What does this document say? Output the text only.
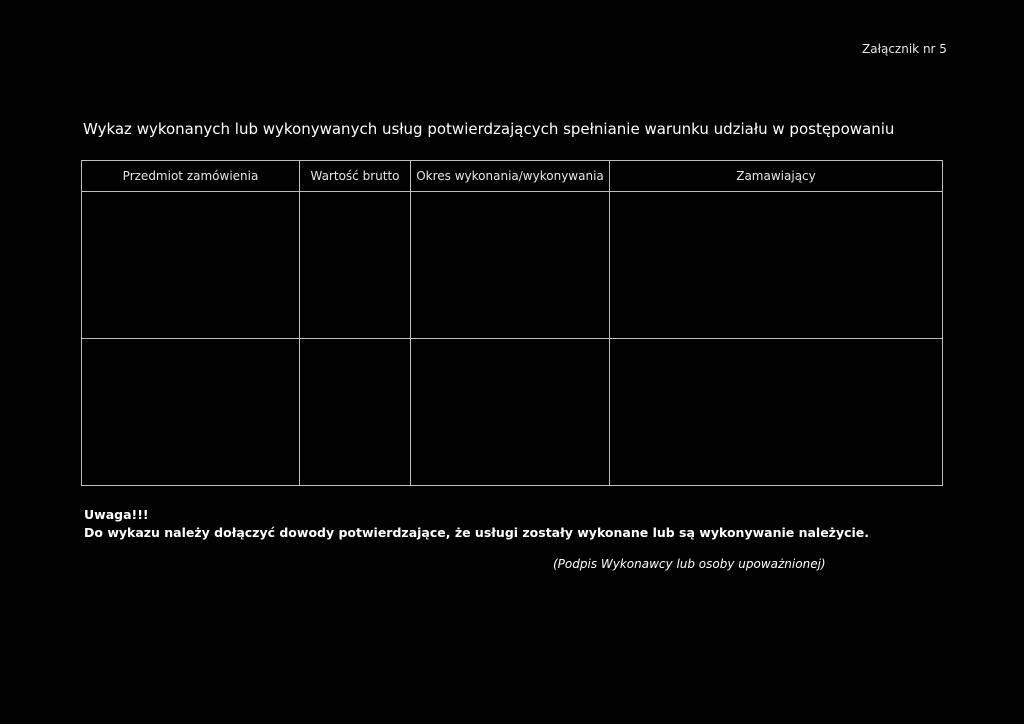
Załącznik nr 5
Wykaz wykonanych lub wykonywanych usług potwierdzających spełnianie warunku udziału w postępowaniu
Przedmiot zamówienia	Wartość brutto	Okres wykonania/wykonywania	Zamawiający

Uwaga!!!
Do wykazu należy dołączyć dowody potwierdzające, że usługi zostały wykonane lub są wykonywanie należycie.
(Podpis Wykonawcy lub osoby upoważnionej)
